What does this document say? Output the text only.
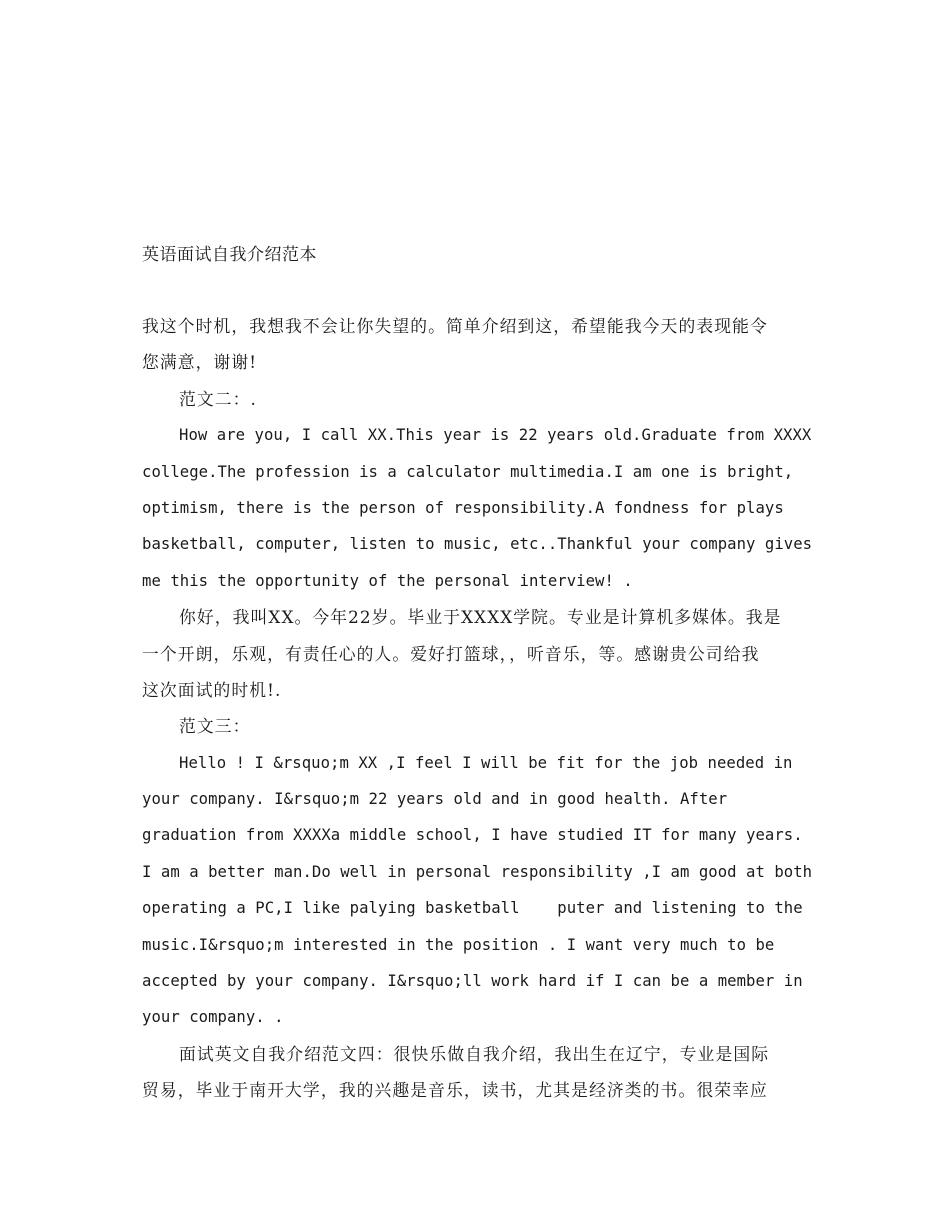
英语面试自我介绍范本
我这个时机，我想我不会让你失望的。简单介绍到这，希望能我今天的表现能令
您满意，谢谢!
范文二：.
How are you, I call XX.This year is 22 years old.Graduate from XXXX
college.The profession is a calculator multimedia.I am one is bright,
optimism, there is the person of responsibility.A fondness for plays
basketball, computer, listen to music, etc..Thankful your company gives
me this the opportunity of the personal interview! .
你好，我叫XX。今年22岁。毕业于XXXX学院。专业是计算机多媒体。我是
一个开朗，乐观，有责任心的人。爱好打篮球，，听音乐，等。感谢贵公司给我
这次面试的时机!.
范文三：
Hello ! I &rsquo;m XX ,I feel I will be fit for the job needed in
your company. I&rsquo;m 22 years old and in good health. After
graduation from XXXXa middle school, I have studied IT for many years.
I am a better man.Do well in personal responsibility ,I am good at both
operating a PC,I like palying basketball    puter and listening to the
music.I&rsquo;m interested in the position . I want very much to be
accepted by your company. I&rsquo;ll work hard if I can be a member in
your company. .
面试英文自我介绍范文四：很快乐做自我介绍，我出生在辽宁，专业是国际
贸易，毕业于南开大学，我的兴趣是音乐，读书，尤其是经济类的书。很荣幸应
